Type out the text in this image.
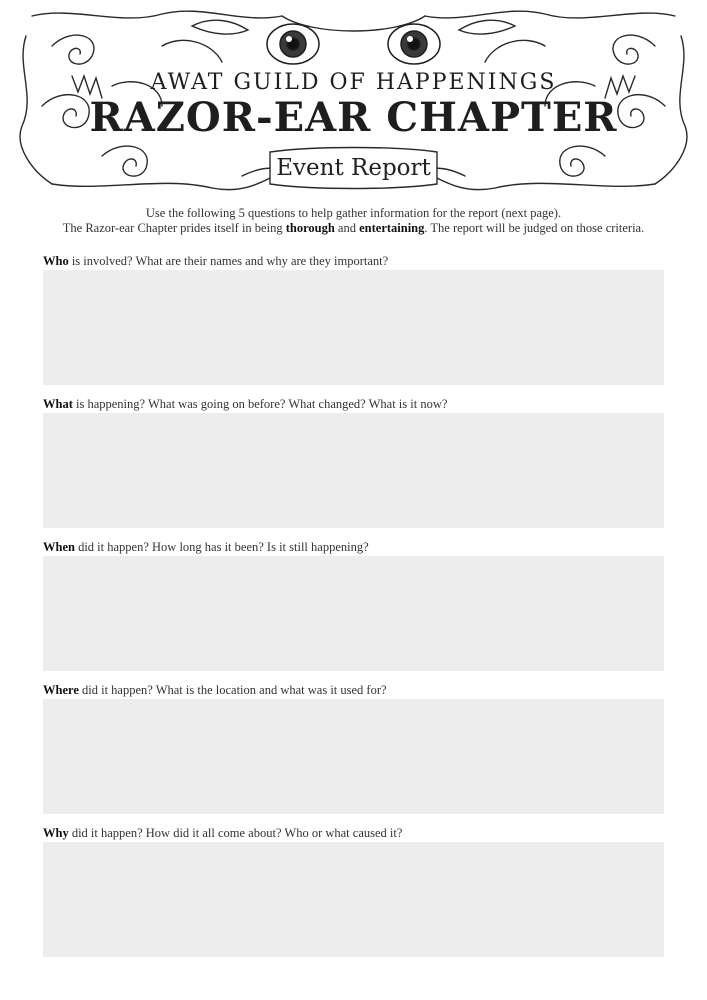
AWAT GUILD OF HAPPENINGS
RAZOR-EAR CHAPTER
Event Report
Use the following 5 questions to help gather information for the report (next page).
The Razor-ear Chapter prides itself in being thorough and entertaining. The report will be judged on those criteria.
Who is involved? What are their names and why are they important?
What is happening? What was going on before? What changed? What is it now?
When did it happen? How long has it been? Is it still happening?
Where did it happen? What is the location and what was it used for?
Why did it happen? How did it all come about? Who or what caused it?
